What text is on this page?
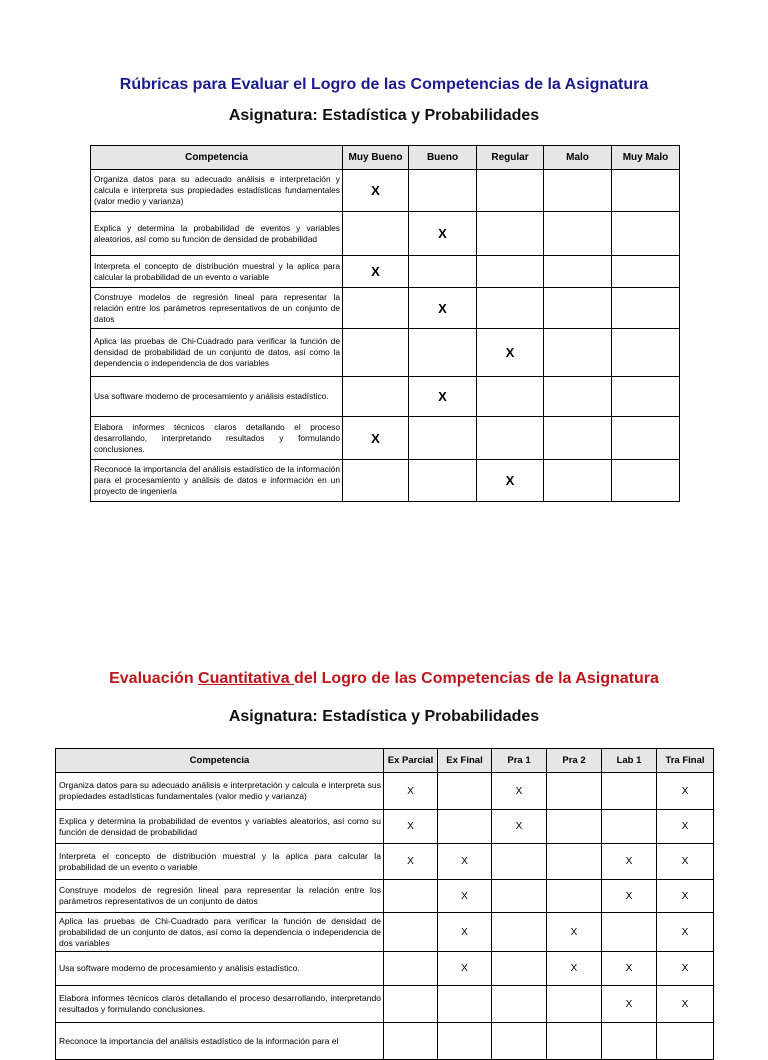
Rúbricas para Evaluar el Logro de las Competencias de la Asignatura
Asignatura: Estadística y Probabilidades
Competencia	Muy Bueno	Bueno	Regular	Malo	Muy Malo
Organiza datos para su adecuado análisis e interpretación y calcula e interpreta sus propiedades estadísticas fundamentales (valor medio y varianza)	X				
Explica y determina la probabilidad de eventos y variables aleatorios, así como su función de densidad de probabilidad		X			
Interpreta el concepto de distribución muestral y la aplica para calcular la probabilidad de un evento o variable	X				
Construye modelos de regresión lineal para representar la relación entre los parámetros representativos de un conjunto de datos		X			
Aplica las pruebas de Chi-Cuadrado para verificar la función de densidad de probabilidad de un conjunto de datos, así como la dependencia o independencia de dos variables			X		
Usa software moderno de procesamiento y análisis estadístico.		X			
Elabora informes técnicos claros detallando el proceso desarrollando, interpretando resultados y formulando conclusiones.	X				
Reconoce la importancia del análisis estadístico de la información para el procesamiento y análisis de datos e información en un proyecto de ingeniería			X		
Evaluación Cuantitativa del Logro de las Competencias de la Asignatura
Asignatura: Estadística y Probabilidades
Competencia	Ex Parcial	Ex Final	Pra 1	Pra 2	Lab 1	Tra Final
Organiza datos para su adecuado análisis e interpretación y calcula e interpreta sus propiedades estadísticas fundamentales (valor medio y varianza)	X		X			X
Explica y determina la probabilidad de eventos y variables aleatorios, así como su función de densidad de probabilidad	X		X			X
Interpreta el concepto de distribución muestral y la aplica para calcular la probabilidad de un evento o variable	X	X			X	X
Construye modelos de regresión lineal para representar la relación entre los parámetros representativos de un conjunto de datos		X			X	X
Aplica las pruebas de Chi-Cuadrado para verificar la función de densidad de probabilidad de un conjunto de datos, así como la dependencia o independencia de dos variables		X		X		X
Usa software moderno de procesamiento y análisis estadístico.		X		X	X	X
Elabora informes técnicos claros detallando el proceso desarrollando, interpretando resultados y formulando conclusiones.					X	X
Reconoce la importancia del análisis estadístico de la información para el						
